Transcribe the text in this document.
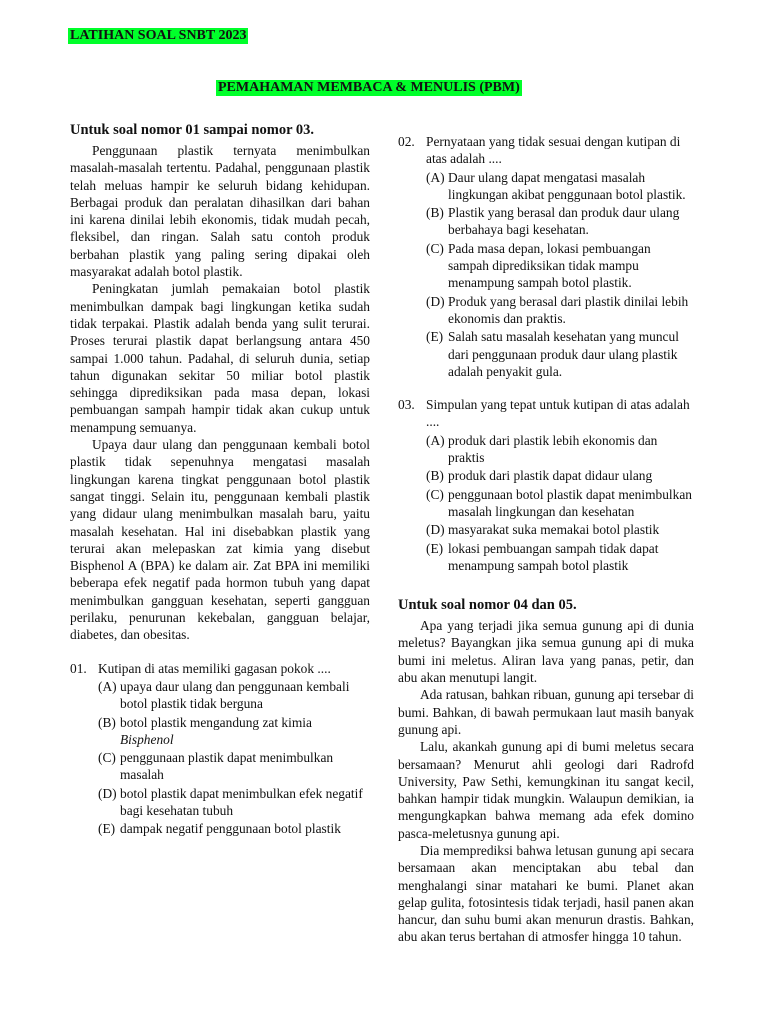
LATIHAN SOAL SNBT 2023
PEMAHAMAN MEMBACA & MENULIS (PBM)
Untuk soal nomor 01 sampai nomor 03.

Penggunaan plastik ternyata menimbulkan masalah-masalah tertentu. Padahal, penggunaan plastik telah meluas hampir ke seluruh bidang kehidupan. Berbagai produk dan peralatan dihasilkan dari bahan ini karena dinilai lebih ekonomis, tidak mudah pecah, fleksibel, dan ringan. Salah satu contoh produk berbahan plastik yang paling sering dipakai oleh masyarakat adalah botol plastik.

Peningkatan jumlah pemakaian botol plastik menimbulkan dampak bagi lingkungan ketika sudah tidak terpakai. Plastik adalah benda yang sulit terurai. Proses terurai plastik dapat berlangsung antara 450 sampai 1.000 tahun. Padahal, di seluruh dunia, setiap tahun digunakan sekitar 50 miliar botol plastik sehingga diprediksikan pada masa depan, lokasi pembuangan sampah hampir tidak akan cukup untuk menampung semuanya.

Upaya daur ulang dan penggunaan kembali botol plastik tidak sepenuhnya mengatasi masalah lingkungan karena tingkat penggunaan botol plastik sangat tinggi. Selain itu, penggunaan kembali plastik yang didaur ulang menimbulkan masalah baru, yaitu masalah kesehatan. Hal ini disebabkan plastik yang terurai akan melepaskan zat kimia yang disebut Bisphenol A (BPA) ke dalam air. Zat BPA ini memiliki beberapa efek negatif pada hormon tubuh yang dapat menimbulkan gangguan kesehatan, seperti gangguan perilaku, penurunan kekebalan, gangguan belajar, diabetes, dan obesitas.

01. Kutipan di atas memiliki gagasan pokok ....
(A) upaya daur ulang dan penggunaan kembali botol plastik tidak berguna
(B) botol plastik mengandung zat kimia
Bisphenol
(C) penggunaan plastik dapat menimbulkan masalah
(D) botol plastik dapat menimbulkan efek negatif bagi kesehatan tubuh
(E) dampak negatif penggunaan botol plastik
02. Pernyataan yang tidak sesuai dengan kutipan di atas adalah ....
(A) Daur ulang dapat mengatasi masalah lingkungan akibat penggunaan botol plastik.
(B) Plastik yang berasal dan produk daur ulang berbahaya bagi kesehatan.
(C) Pada masa depan, lokasi pembuangan sampah diprediksikan tidak mampu menampung sampah botol plastik.
(D) Produk yang berasal dari plastik dinilai lebih ekonomis dan praktis.
(E) Salah satu masalah kesehatan yang muncul dari penggunaan produk daur ulang plastik adalah penyakit gula.
03. Simpulan yang tepat untuk kutipan di atas adalah ....
(A) produk dari plastik lebih ekonomis dan praktis
(B) produk dari plastik dapat didaur ulang
(C) penggunaan botol plastik dapat menimbulkan masalah lingkungan dan kesehatan
(D) masyarakat suka memakai botol plastik
(E) lokasi pembuangan sampah tidak dapat menampung sampah botol plastik
Untuk soal nomor 04 dan 05.

Apa yang terjadi jika semua gunung api di dunia meletus? Bayangkan jika semua gunung api di muka bumi ini meletus. Aliran lava yang panas, petir, dan abu akan menutupi langit.

Ada ratusan, bahkan ribuan, gunung api tersebar di bumi. Bahkan, di bawah permukaan laut masih banyak gunung api.

Lalu, akankah gunung api di bumi meletus secara bersamaan? Menurut ahli geologi dari Radrofd University, Paw Sethi, kemungkinan itu sangat kecil, bahkan hampir tidak mungkin. Walaupun demikian, ia mengungkapkan bahwa memang ada efek domino pasca-meletusnya gunung api.

Dia memprediksi bahwa letusan gunung api secara bersamaan akan menciptakan abu tebal dan menghalangi sinar matahari ke bumi. Planet akan gelap gulita, fotosintesis tidak terjadi, hasil panen akan hancur, dan suhu bumi akan menurun drastis. Bahkan, abu akan terus bertahan di atmosfer hingga 10 tahun.
